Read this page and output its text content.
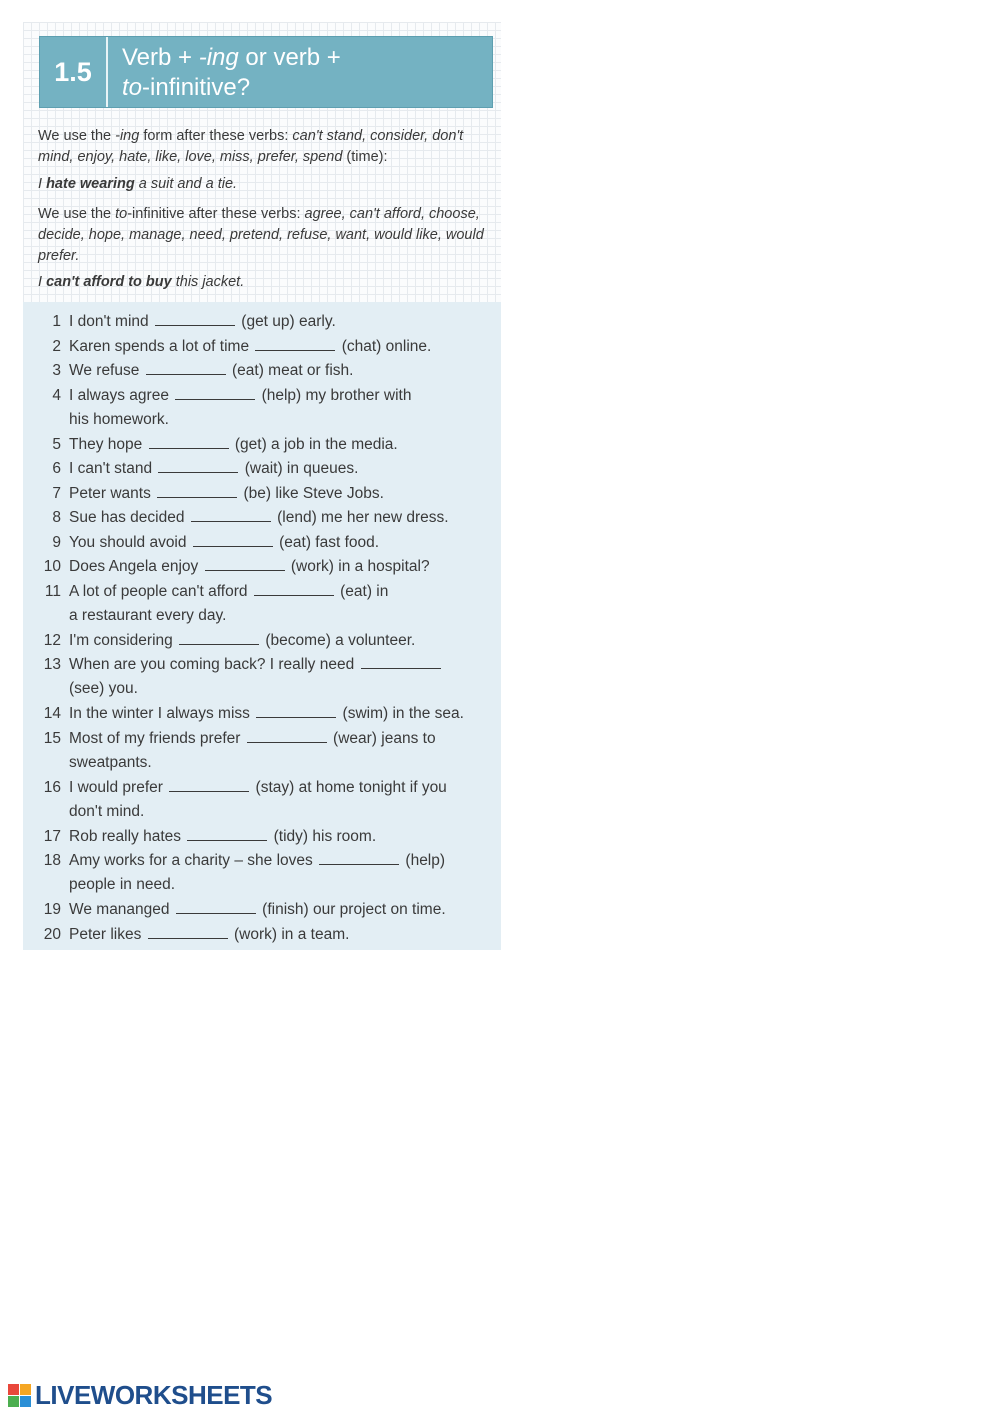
1.5	Verb + -ing or verb +
to-infinitive?

We use the -ing form after these verbs: can't stand, consider, don't mind, enjoy, hate, like, love, miss, prefer, spend (time):

I hate wearing a suit and a tie.

We use the to-infinitive after these verbs: agree, can't afford, choose, decide, hope, manage, need, pretend, refuse, want, would like, would prefer.

I can't afford to buy this jacket.

1 I don't mind	(get up) early.
2 Karen spends a lot of time	(chat) online.
3 We refuse	(eat) meat or fish.
4 I always agree	(help) my brother with
his homework.
5 They hope	(get) a job in the media.
6 I can't stand	(wait) in queues.
7 Peter wants	(be) like Steve Jobs.
8 Sue has decided	(lend) me her new dress.
9 You should avoid	(eat) fast food.
10 Does Angela enjoy	(work) in a hospital?
11 A lot of people can't afford	(eat) in
a restaurant every day.
12 I'm considering	(become) a volunteer.
13 When are you coming back? I really need
(see) you.
14 In the winter I always miss	(swim) in the sea.
15 Most of my friends prefer	(wear) jeans to
sweatpants.
16 I would prefer	(stay) at home tonight if you
don't mind.
17 Rob really hates	(tidy) his room.
18 Amy works for a charity – she loves	(help)
people in need.
19 We mananged	(finish) our project on time.
20 Peter likes	(work) in a team.
LIVEWORKSHEETS
